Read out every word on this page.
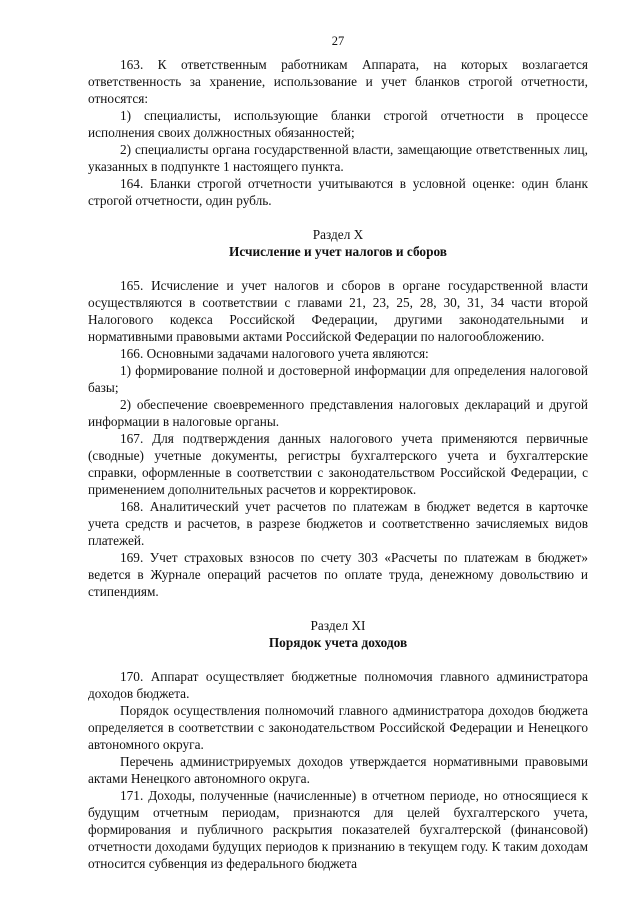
27

163. К ответственным работникам Аппарата, на которых возлагается ответственность за хранение, использование и учет бланков строгой отчетности, относятся:

1) специалисты, использующие бланки строгой отчетности в процессе исполнения своих должностных обязанностей;

2) специалисты органа государственной власти, замещающие ответственных лиц, указанных в подпункте 1 настоящего пункта.

164. Бланки строгой отчетности учитываются в условной оценке: один бланк строгой отчетности, один рубль.

Раздел X

Исчисление и учет налогов и сборов

165. Исчисление и учет налогов и сборов в органе государственной власти осуществляются в соответствии с главами 21, 23, 25, 28, 30, 31, 34 части второй Налогового кодекса Российской Федерации, другими законодательными и нормативными правовыми актами Российской Федерации по налогообложению.

166. Основными задачами налогового учета являются:

1) формирование полной и достоверной информации для определения налоговой базы;

2) обеспечение своевременного представления налоговых деклараций и другой информации в налоговые органы.

167. Для подтверждения данных налогового учета применяются первичные (сводные) учетные документы, регистры бухгалтерского учета и бухгалтерские справки, оформленные в соответствии с законодательством Российской Федерации, с применением дополнительных расчетов и корректировок.

168. Аналитический учет расчетов по платежам в бюджет ведется в карточке учета средств и расчетов, в разрезе бюджетов и соответственно зачисляемых видов платежей.

169. Учет страховых взносов по счету 303 «Расчеты по платежам в бюджет» ведется в Журнале операций расчетов по оплате труда, денежному довольствию и стипендиям.

Раздел XI

Порядок учета доходов

170. Аппарат осуществляет бюджетные полномочия главного администратора доходов бюджета.

Порядок осуществления полномочий главного администратора доходов бюджета определяется в соответствии с законодательством Российской Федерации и Ненецкого автономного округа.

Перечень администрируемых доходов утверждается нормативными правовыми актами Ненецкого автономного округа.

171. Доходы, полученные (начисленные) в отчетном периоде, но относящиеся к будущим отчетным периодам, признаются для целей бухгалтерского учета, формирования и публичного раскрытия показателей бухгалтерской (финансовой) отчетности доходами будущих периодов к признанию в текущем году. К таким доходам относится субвенция из федерального бюджета
